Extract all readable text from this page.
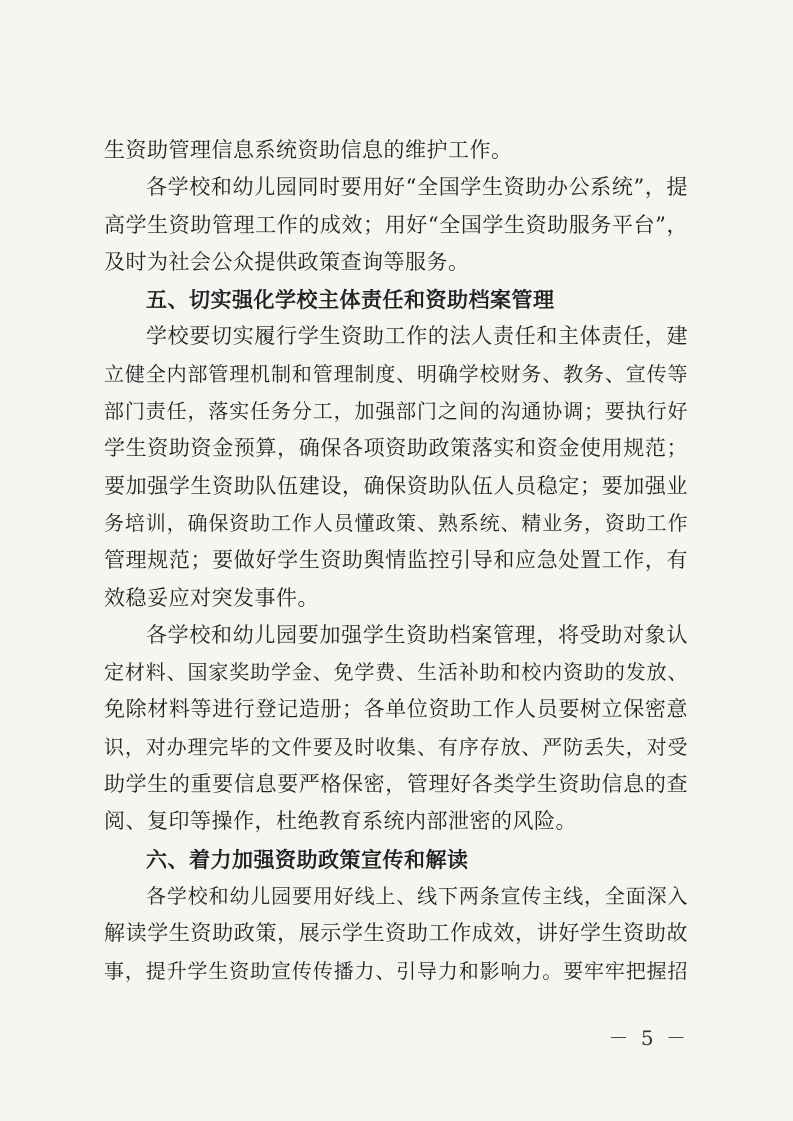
生资助管理信息系统资助信息的维护工作。
各学校和幼儿园同时要用好“全国学生资助办公系统”，提
高学生资助管理工作的成效；用好“全国学生资助服务平台”，
及时为社会公众提供政策查询等服务。
五、切实强化学校主体责任和资助档案管理
学校要切实履行学生资助工作的法人责任和主体责任，建
立健全内部管理机制和管理制度、明确学校财务、教务、宣传等
部门责任，落实任务分工，加强部门之间的沟通协调；要执行好
学生资助资金预算，确保各项资助政策落实和资金使用规范；
要加强学生资助队伍建设，确保资助队伍人员稳定；要加强业
务培训，确保资助工作人员懂政策、熟系统、精业务，资助工作
管理规范；要做好学生资助舆情监控引导和应急处置工作，有
效稳妥应对突发事件。
各学校和幼儿园要加强学生资助档案管理，将受助对象认
定材料、国家奖助学金、免学费、生活补助和校内资助的发放、
免除材料等进行登记造册；各单位资助工作人员要树立保密意
识，对办理完毕的文件要及时收集、有序存放、严防丢失，对受
助学生的重要信息要严格保密，管理好各类学生资助信息的查
阅、复印等操作，杜绝教育系统内部泄密的风险。
六、着力加强资助政策宣传和解读
各学校和幼儿园要用好线上、线下两条宣传主线，全面深入
解读学生资助政策，展示学生资助工作成效，讲好学生资助故
事，提升学生资助宣传传播力、引导力和影响力。要牢牢把握招
－ 5 －
